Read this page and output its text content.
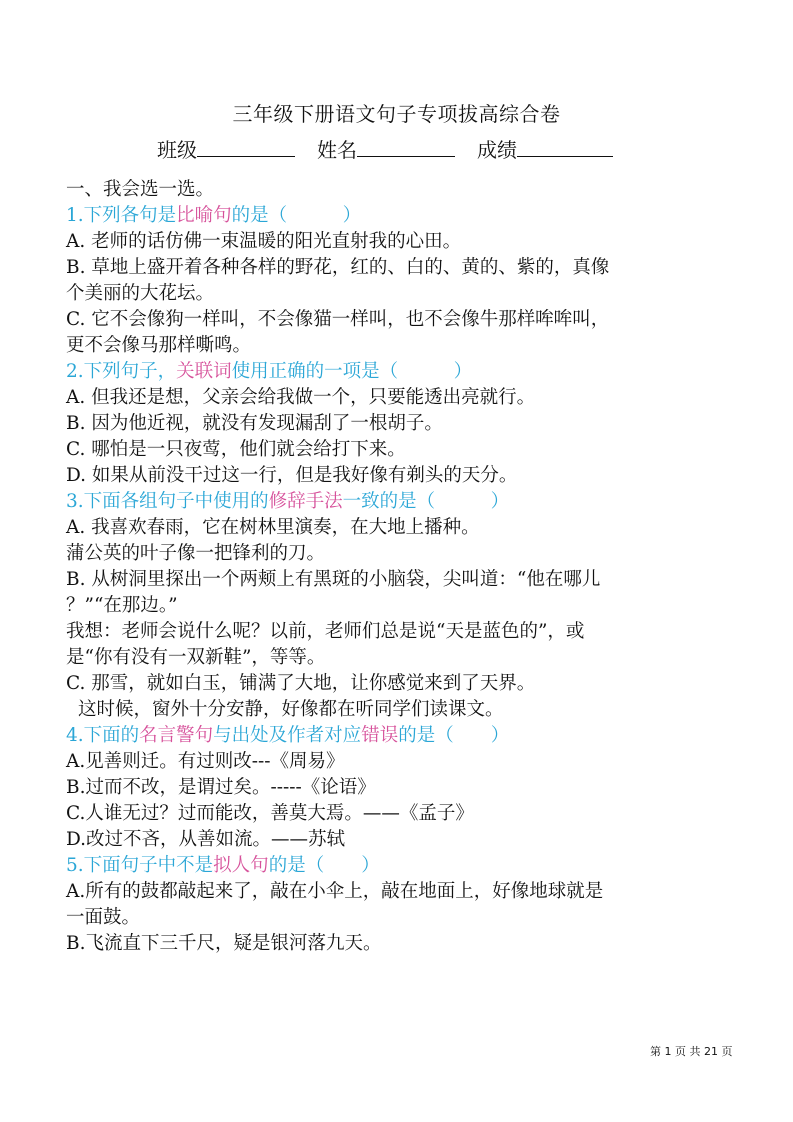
三年级下册语文句子专项拔高综合卷
班级	姓名	成绩
一、我会选一选。
1.下列各句是比喻句的是（　　　）
A. 老师的话仿佛一束温暖的阳光直射我的心田。
B. 草地上盛开着各种各样的野花，红的、白的、黄的、紫的，真像
个美丽的大花坛。
C. 它不会像狗一样叫，不会像猫一样叫，也不会像牛那样哞哞叫，
更不会像马那样嘶鸣。
2.下列句子，关联词使用正确的一项是（　　　）
A. 但我还是想，父亲会给我做一个，只要能透出亮就行。
B. 因为他近视，就没有发现漏刮了一根胡子。
C. 哪怕是一只夜莺，他们就会给打下来。
D. 如果从前没干过这一行，但是我好像有剃头的天分。
3.下面各组句子中使用的修辞手法一致的是（　　　）
A. 我喜欢春雨，它在树林里演奏，在大地上播种。
蒲公英的叶子像一把锋利的刀。
B. 从树洞里探出一个两颊上有黑斑的小脑袋，尖叫道：“他在哪儿
？”“在那边。”
我想：老师会说什么呢？以前，老师们总是说“天是蓝色的”，或
是“你有没有一双新鞋”，等等。
C. 那雪，就如白玉，铺满了大地，让你感觉来到了天界。
这时候，窗外十分安静，好像都在听同学们读课文。
4.下面的名言警句与出处及作者对应错误的是（　　）
A.见善则迁。有过则改---《周易》
B.过而不改，是谓过矣。-----《论语》
C.人谁无过？过而能改，善莫大焉。——《孟子》
D.改过不吝，从善如流。——苏轼
5.下面句子中不是拟人句的是（　　）
A.所有的鼓都敲起来了，敲在小伞上，敲在地面上，好像地球就是
一面鼓。
B.飞流直下三千尺，疑是银河落九天。
第 1 页 共 21 页
